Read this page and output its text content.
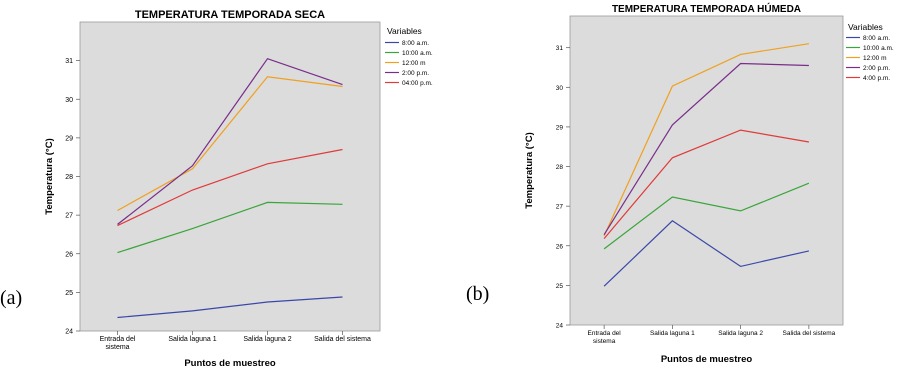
TEMPERATURA TEMPORADA SECA
24
25
26
27
28
29
30
31
Entrada del
sistema
Salida laguna 1	Salida laguna 2	Salida del sistema
Puntos de muestreo
Temperatura (°C)
Variables
8:00 a.m.
10:00 a.m.
12:00 m
2:00 p.m.
04:00 p.m.
(a)
TEMPERATURA TEMPORADA HÚMEDA
24
25
26
27
28
29
30
31
Entrada del
sistema
Salida laguna 1	Salida laguna 2	Salida del sistema
Puntos de muestreo
Temperatura (°C)
Variables
8:00 a.m.
10:00 a.m.
12:00 m
2:00 p.m.
4:00 p.m.
(b)
